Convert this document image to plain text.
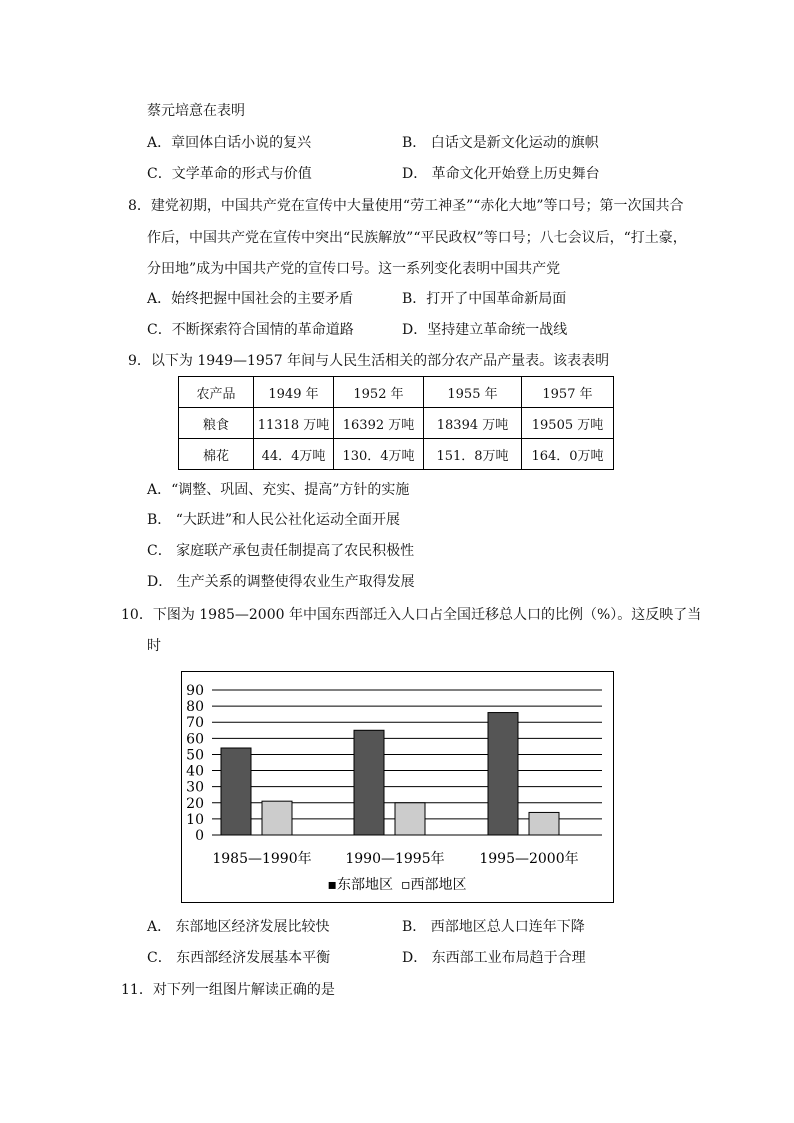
蔡元培意在表明
A．章回体白话小说的复兴	B． 白话文是新文化运动的旗帜
C．文学革命的形式与价值	D． 革命文化开始登上历史舞台
8．建党初期，中国共产党在宣传中大量使用“劳工神圣”“赤化大地”等口号；第一次国共合
作后，中国共产党在宣传中突出“民族解放”“平民政权”等口号；八七会议后，“打土豪，
分田地”成为中国共产党的宣传口号。这一系列变化表明中国共产党
A．始终把握中国社会的主要矛盾	B．打开了中国革命新局面
C．不断探索符合国情的革命道路	D．坚持建立革命统一战线
9．以下为 1949—1957 年间与人民生活相关的部分农产品产量表。该表表明
农产品	1949 年	1952 年	1955 年	1957 年
粮食	11318 万吨	16392 万吨	18394 万吨	19505 万吨
棉花	44．4万吨	130．4万吨	151．8万吨	164．0万吨
A．“调整、巩固、充实、提高”方针的实施
B． “大跃进”和人民公社化运动全面开展
C． 家庭联产承包责任制提高了农民积极性
D． 生产关系的调整使得农业生产取得发展
10．下图为 1985—2000 年中国东西部迁入人口占全国迁移总人口的比例（%）。这反映了当
时
0
10
20
30
40
50
60
70
80
90
1985—1990年 1990—1995年 1995—2000年
▪东部地区 ▫西部地区
A． 东部地区经济发展比较快	B． 西部地区总人口连年下降
C． 东西部经济发展基本平衡	D． 东西部工业布局趋于合理
11．对下列一组图片解读正确的是
